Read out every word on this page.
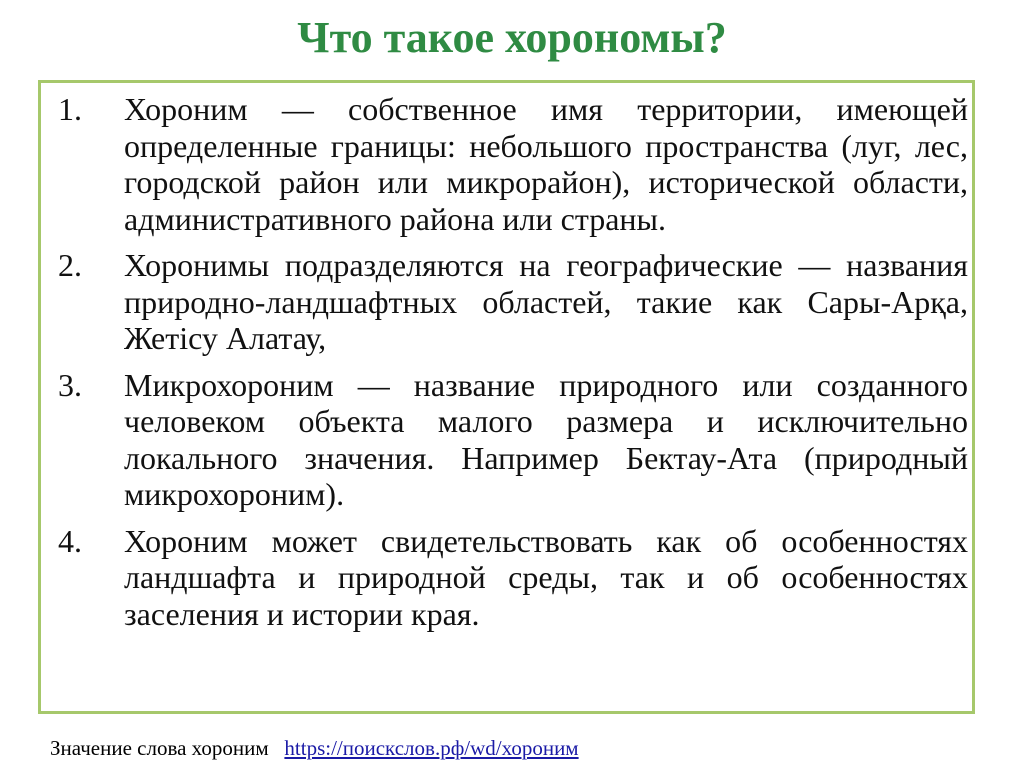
Что такое хорономы?
1. Хороним — собственное имя территории, имеющей определенные границы: небольшого пространства (луг, лес, городской район или микрорайон), исторической области, административного района или страны.
2. Хоронимы подразделяются на географические — названия природно-ландшафтных областей, такие как Сары-Арқа, Жетісу Алатау,
3. Микрохороним — название природного или созданного человеком объекта малого размера и исключительно локального значения. Например Бектау-Ата (природный микрохороним).
4. Хороним может свидетельствовать как об особенностях ландшафта и природной среды, так и об особенностях заселения и истории края.
Значение слова хороним https://поискслов.рф/wd/хороним
